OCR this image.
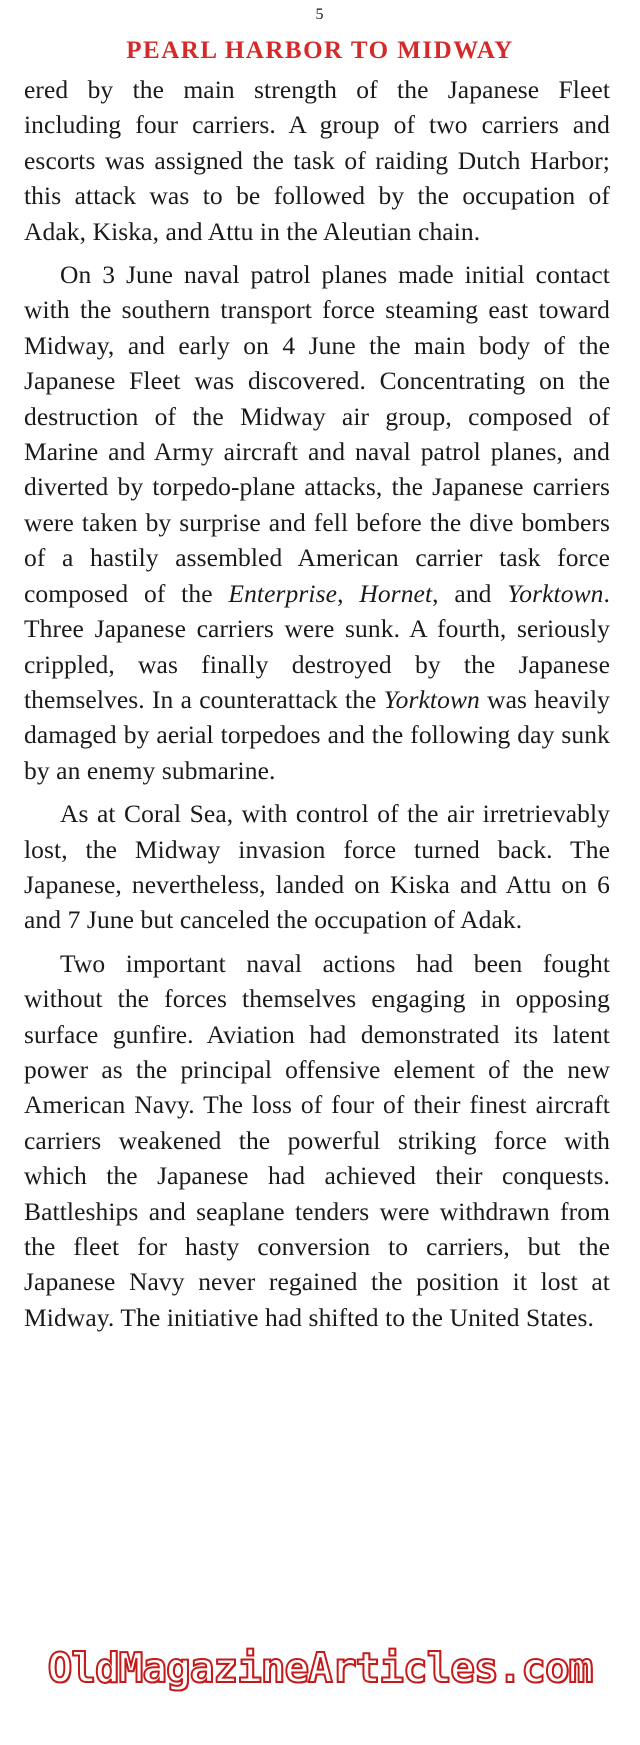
5
PEARL HARBOR TO MIDWAY

ered by the main strength of the Japanese Fleet including four carriers. A group of two carriers and escorts was assigned the task of raiding Dutch Harbor; this attack was to be followed by the occupation of Adak, Kiska, and Attu in the Aleutian chain.

On 3 June naval patrol planes made initial contact with the southern transport force steaming east toward Midway, and early on 4 June the main body of the Japanese Fleet was discovered. Concentrating on the destruction of the Midway air group, composed of Marine and Army aircraft and naval patrol planes, and diverted by torpedo-plane attacks, the Japanese carriers were taken by surprise and fell before the dive bombers of a hastily assembled American carrier task force composed of the Enterprise, Hornet, and Yorktown. Three Japanese carriers were sunk. A fourth, seriously crippled, was finally destroyed by the Japanese themselves. In a counterattack the Yorktown was heavily damaged by aerial torpedoes and the following day sunk by an enemy submarine.

As at Coral Sea, with control of the air irretrievably lost, the Midway invasion force turned back. The Japanese, nevertheless, landed on Kiska and Attu on 6 and 7 June but canceled the occupation of Adak.

Two important naval actions had been fought without the forces themselves engaging in opposing surface gunfire. Aviation had demonstrated its latent power as the principal offensive element of the new American Navy. The loss of four of their finest aircraft carriers weakened the powerful striking force with which the Japanese had achieved their conquests. Battleships and seaplane tenders were withdrawn from the fleet for hasty conversion to carriers, but the Japanese Navy never regained the position it lost at Midway. The initiative had shifted to the United States.

OldMagazineArticles.com
